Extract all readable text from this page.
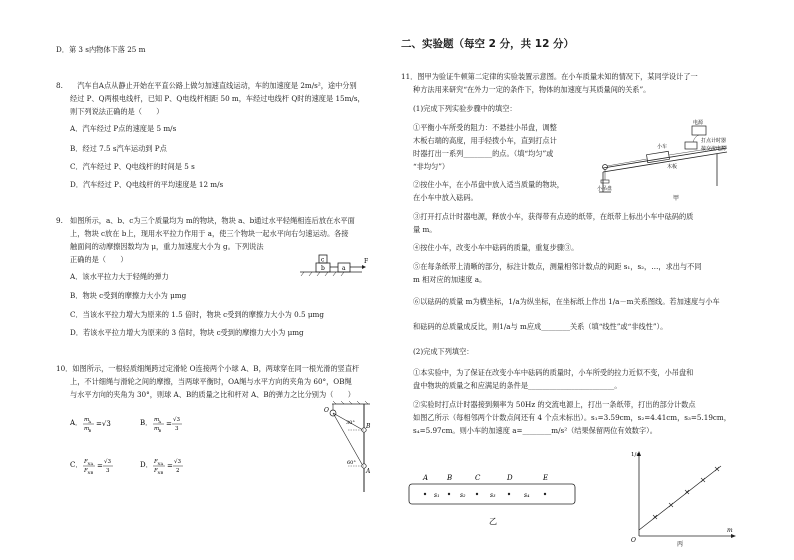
D．第 3 s内物体下落 25 m
8.　　汽车自A点从静止开始在平直公路上做匀加速直线运动，车的加速度是 2m/s²，途中分别
经过 P、Q两根电线杆，已知 P、Q电线杆相距 50 m，车经过电线杆 Q时的速度是 15m/s，
则下列说法正确的是（　　）
A．汽车经过 P点的速度是 5 m/s
B．经过 7.5 s汽车运动到 P点
C．汽车经过 P、Q电线杆的时间是 5 s
D．汽车经过 P、Q电线杆的平均速度是 12 m/s
9.　如图所示，a、b、c为三个质量均为 m的物块，物块 a、b通过水平轻绳相连后放在水平面
上，物块 c放在 b上，现用水平拉力作用于 a，使三个物块一起水平向右匀速运动。各接
触面间的动摩擦因数均为 μ，重力加速度大小为 g。下列说法
正确的是（　　）
A．该水平拉力大于轻绳的弹力
B．物块 c受到的摩擦力大小为 μmg
C．当该水平拉力增大为原来的 1.5 倍时，物块 c受到的摩擦力大小为 0.5 μmg
D．若该水平拉力增大为原来的 3 倍时，物块 c受到的摩擦力大小为 μmg
c
b	a
F
10．如图所示，一根轻质细绳跨过定滑轮 O连接两个小球 A、B，两球穿在同一根光滑的竖直杆
上，不计细绳与滑轮之间的摩擦，当两球平衡时，OA绳与水平方向的夹角为 60°，OB绳
与水平方向的夹角为 30°，则球 A、B的质量之比和杆对 A、B的弹力之比分别为（　　）
A． m A
m B
=√3	B． m A
m B
= √3
3
C． F NA
F NB
= √3
3
D． F NA
F NB
= √3
2
O
B
A
30°
60°
二、实验题（每空 2 分，共 12 分）
11．图甲为验证牛顿第二定律的实验装置示意图。在小车质量未知的情况下，某同学设计了一
种方法用来研究“在外力一定的条件下，物体的加速度与其质量间的关系”。
(1)完成下列实验步骤中的填空：
①平衡小车所受的阻力：不悬挂小吊盘，调整
木板右端的高度，用手轻拨小车，直到打点计
时器打出一系列________的点。（填“均匀”或
“非均匀”）
②按住小车，在小吊盘中放入适当质量的物块，
在小车中放入砝码。
电源
打点计时器
接交流电源
小车
木板
小吊盘
甲
③打开打点计时器电源，释放小车，获得带有点迹的纸带，在纸带上标出小车中砝码的质
量 m。
④按住小车，改变小车中砝码的质量，重复步骤③。
⑤在每条纸带上清晰的部分，标注计数点，测量相邻计数点的间距 s₁，s₂，…，求出与不同
m 相对应的加速度 a。
⑥以砝码的质量 m为横坐标，1/a为纵坐标，在坐标纸上作出 1/a－m关系图线。若加速度与小车
和砝码的总质量成反比，则1/a与 m应成________关系（填“线性”或“非线性”）。
(2)完成下列填空：
①本实验中，为了保证在改变小车中砝码的质量时，小车所受的拉力近似不变，小吊盘和
盘中物块的质量之和应满足的条件是________________________。
②实验时打点计时器接到频率为 50Hz 的交流电源上，打出一条纸带，打出的部分计数点
如图乙所示（每相邻两个计数点间还有 4 个点未标出）。s₁=3.59cm，s₂=4.41cm，s₃=5.19cm，
s₄=5.97cm。则小车的加速度 a=________m/s²（结果保留两位有效数字）。
A	B	C	D	E
s₁	s₂	s₃	s₄
乙
1/a
m
O
丙
